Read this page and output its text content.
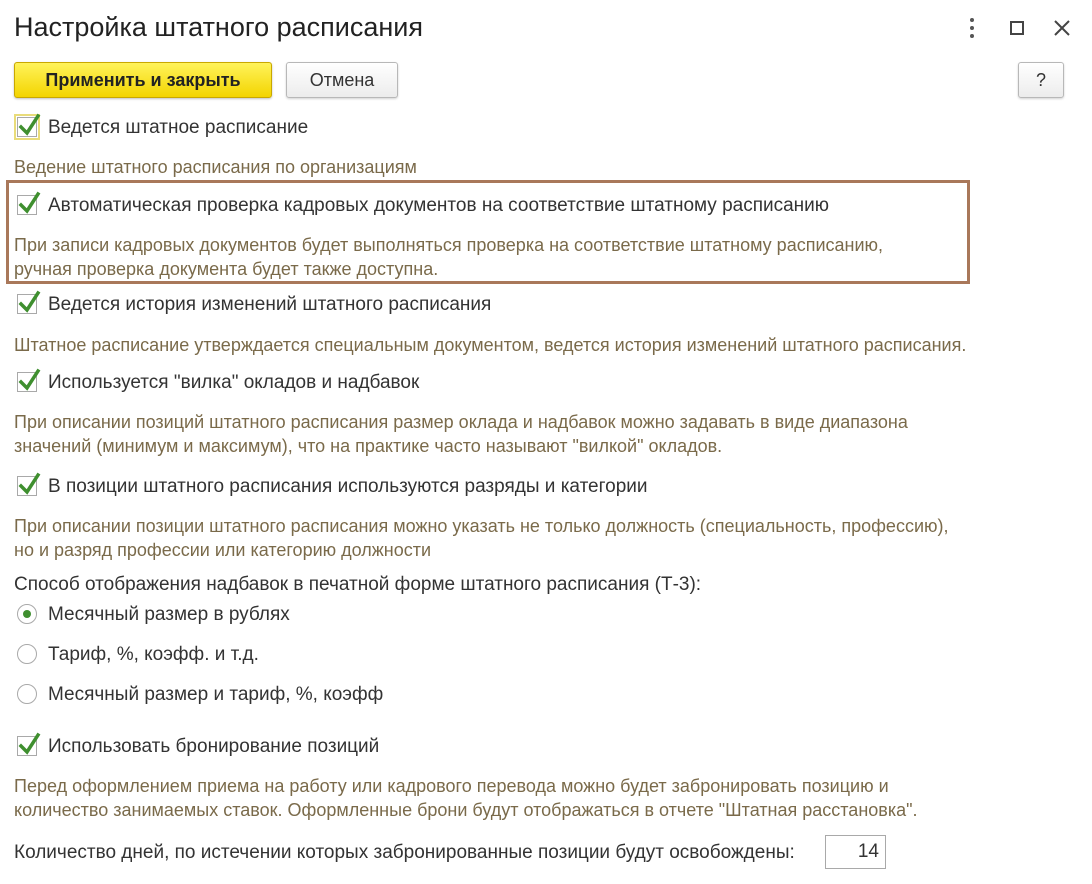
Настройка штатного расписания
Применить и закрыть	Отмена	?
Ведется штатное расписание
Ведение штатного расписания по организациям
Автоматическая проверка кадровых документов на соответствие штатному расписанию
При записи кадровых документов будет выполняться проверка на соответствие штатному расписанию,
ручная проверка документа будет также доступна.
Ведется история изменений штатного расписания
Штатное расписание утверждается специальным документом, ведется история изменений штатного расписания.
Используется "вилка" окладов и надбавок
При описании позиций штатного расписания размер оклада и надбавок можно задавать в виде диапазона
значений (минимум и максимум), что на практике часто называют "вилкой" окладов.
В позиции штатного расписания используются разряды и категории
При описании позиции штатного расписания можно указать не только должность (специальность, профессию),
но и разряд профессии или категорию должности
Способ отображения надбавок в печатной форме штатного расписания (Т-3):
Месячный размер в рублях
Тариф, %, коэфф. и т.д.
Месячный размер и тариф, %, коэфф
Использовать бронирование позиций
Перед оформлением приема на работу или кадрового перевода можно будет забронировать позицию и
количество занимаемых ставок. Оформленные брони будут отображаться в отчете "Штатная расстановка".
Количество дней, по истечении которых забронированные позиции будут освобождены:	14
